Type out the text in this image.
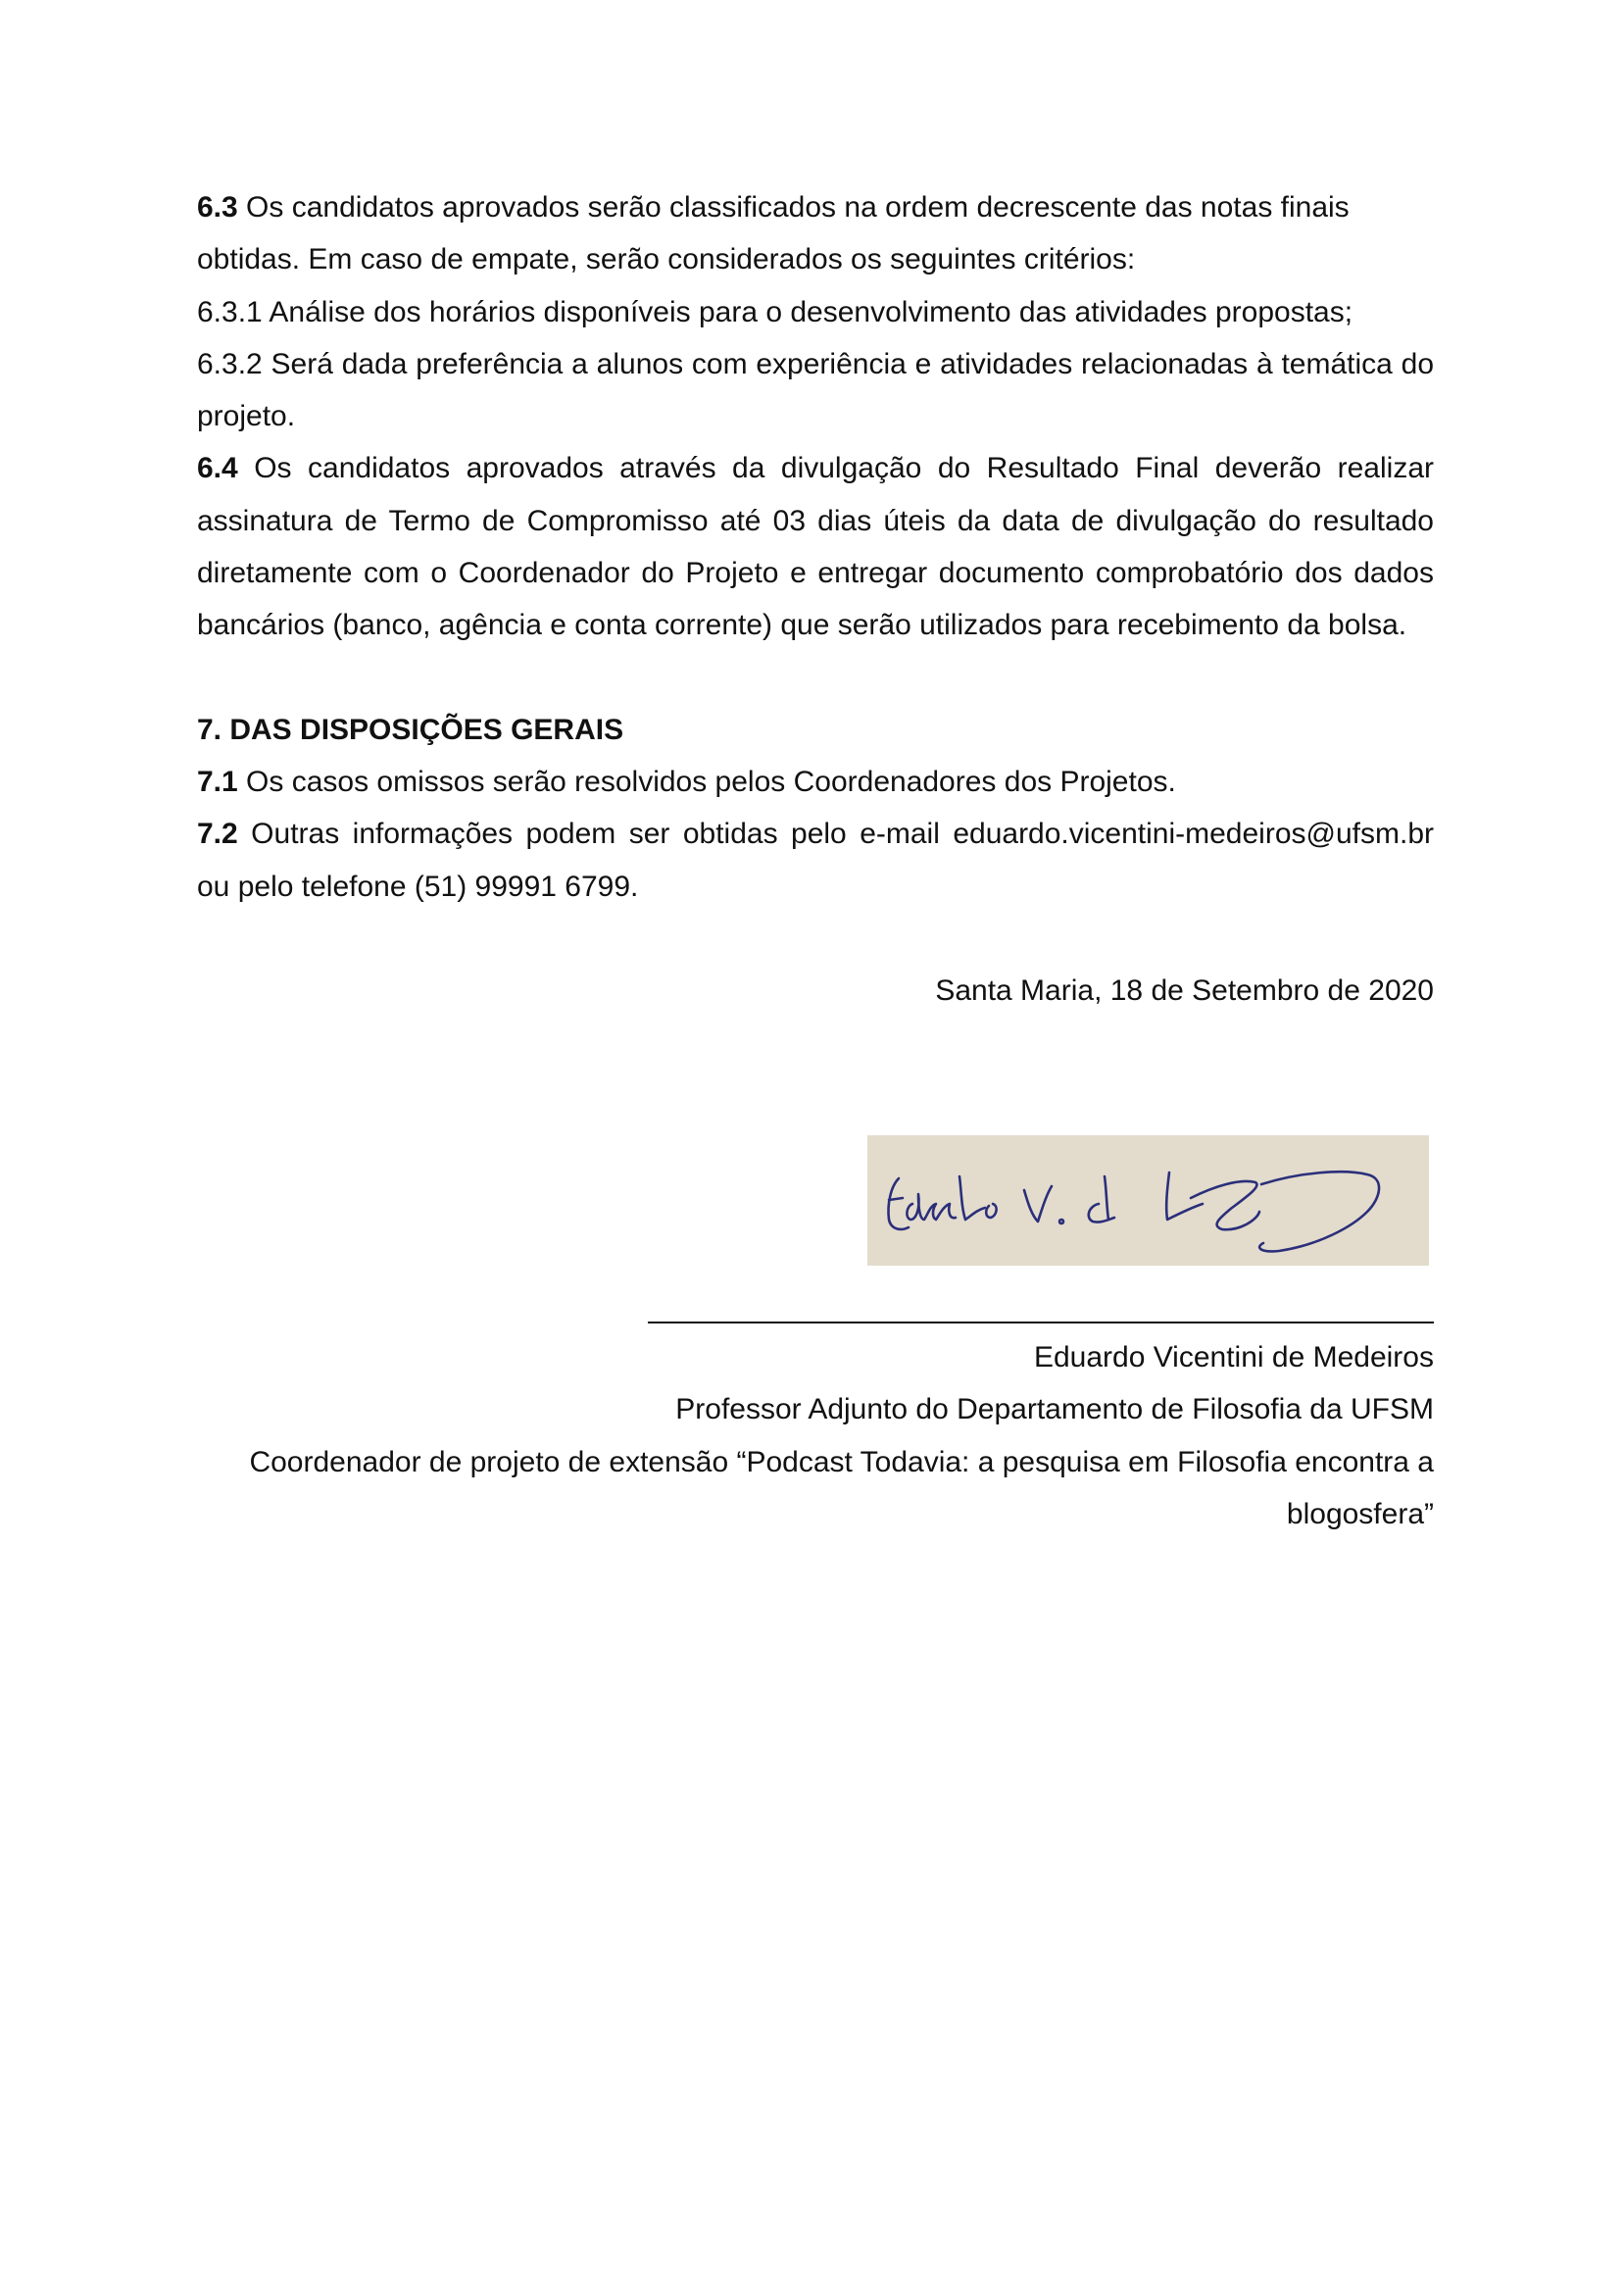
6.3 Os candidatos aprovados serão classificados na ordem decrescente das notas finais

obtidas. Em caso de empate, serão considerados os seguintes critérios:

6.3.1 Análise dos horários disponíveis para o desenvolvimento das atividades propostas;

6.3.2 Será dada preferência a alunos com experiência e atividades relacionadas à temática do projeto.

6.4 Os candidatos aprovados através da divulgação do Resultado Final deverão realizar assinatura de Termo de Compromisso até 03 dias úteis da data de divulgação do resultado diretamente com o Coordenador do Projeto e entregar documento comprobatório dos dados bancários (banco, agência e conta corrente) que serão utilizados para recebimento da bolsa.

7. DAS DISPOSIÇÕES GERAIS

7.1 Os casos omissos serão resolvidos pelos Coordenadores dos Projetos.

7.2 Outras informações podem ser obtidas pelo e-mail eduardo.vicentini-medeiros@ufsm.br ou pelo telefone (51) 99991 6799.

Santa Maria, 18 de Setembro de 2020

Eduardo Vicentini de Medeiros

Professor Adjunto do Departamento de Filosofia da UFSM

Coordenador de projeto de extensão “Podcast Todavia: a pesquisa em Filosofia encontra a

blogosfera”
